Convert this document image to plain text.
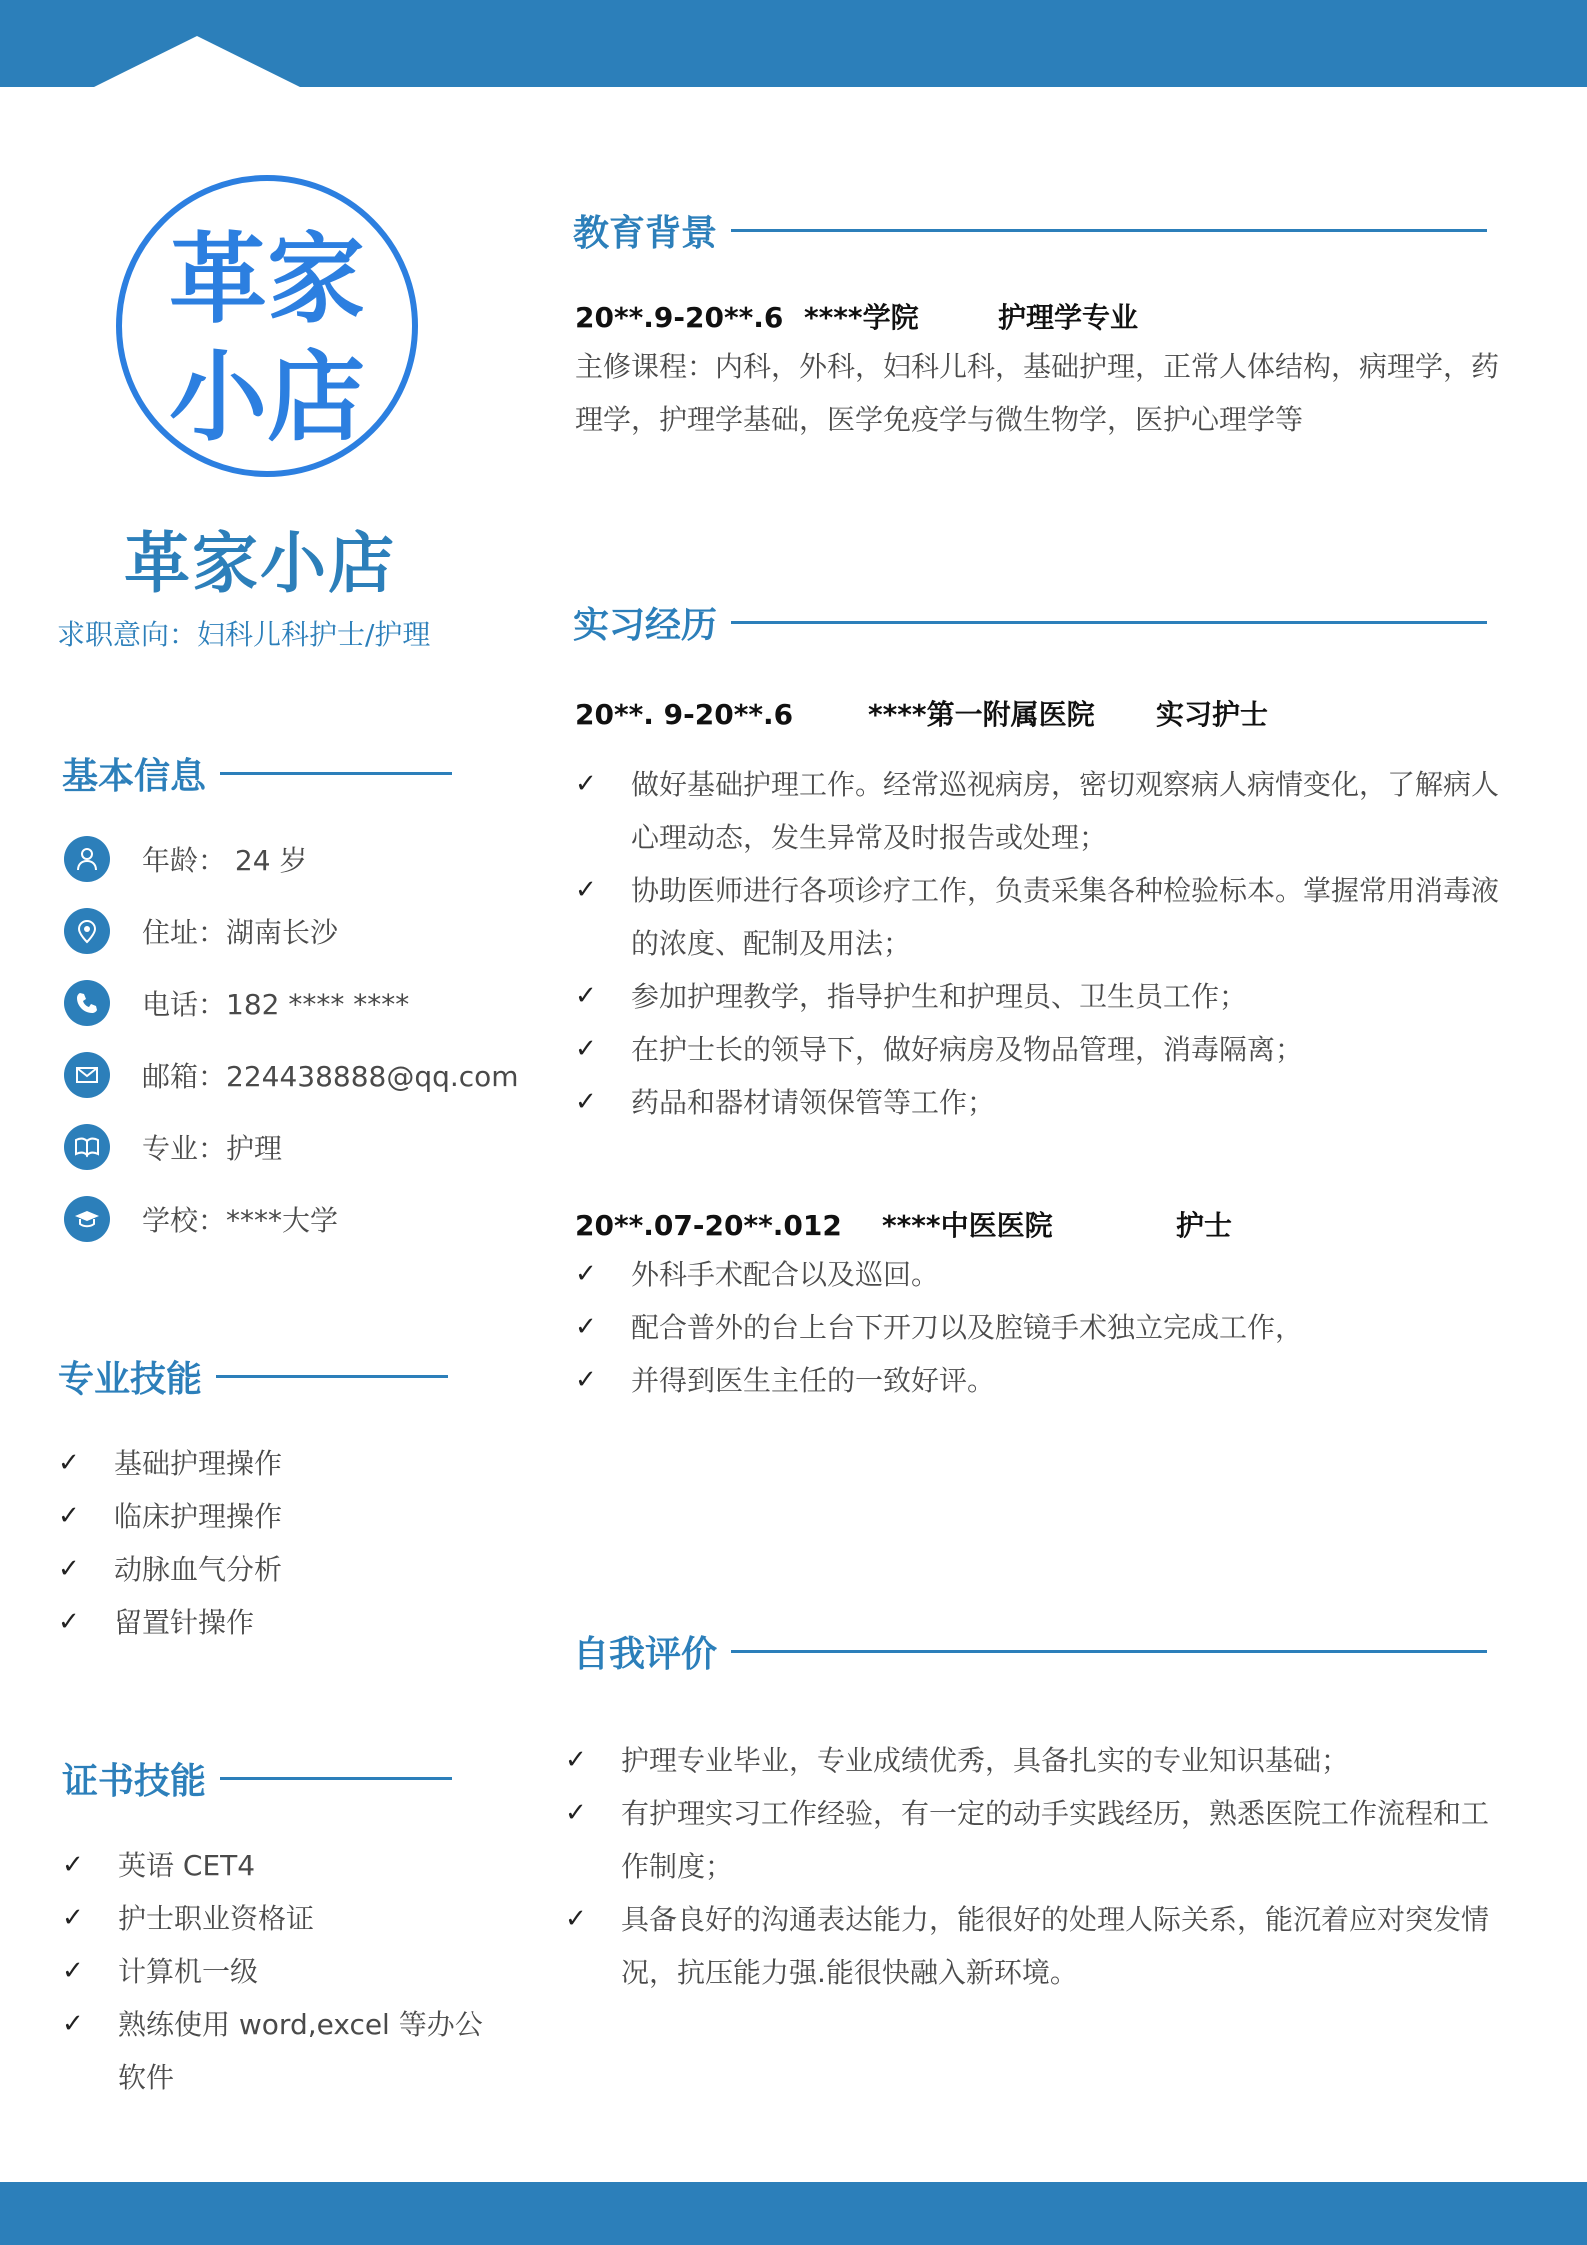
革家
小店
革家小店
求职意向：妇科儿科护士/护理
基本信息
年龄： 24 岁
住址：湖南长沙
电话：182 **** ****
邮箱：224438888@qq.com
专业：护理
学校：****大学
专业技能
✓ 基础护理操作
✓ 临床护理操作
✓ 动脉血气分析
✓ 留置针操作
证书技能
✓ 英语 CET4
✓ 护士职业资格证
✓ 计算机一级
✓ 熟练使用 word,excel 等办公软件
教育背景
20**.9-20**.6 ****学院	护理学专业
主修课程：内科，外科，妇科儿科，基础护理，正常人体结构，病理学，药理学，护理学基础，医学免疫学与微生物学，医护心理学等
实习经历
20**. 9-20**.6	****第一附属医院 实习护士
✓ 做好基础护理工作。经常巡视病房，密切观察病人病情变化，了解病人心理动态，发生异常及时报告或处理；
✓ 协助医师进行各项诊疗工作，负责采集各种检验标本。掌握常用消毒液的浓度、配制及用法；
✓ 参加护理教学，指导护生和护理员、卫生员工作；
✓ 在护士长的领导下，做好病房及物品管理，消毒隔离；
✓ 药品和器材请领保管等工作；
20**.07-20**.012 ****中医医院	护士
✓ 外科手术配合以及巡回。
✓ 配合普外的台上台下开刀以及腔镜手术独立完成工作，
✓ 并得到医生主任的一致好评。
自我评价
✓ 护理专业毕业，专业成绩优秀，具备扎实的专业知识基础；
✓ 有护理实习工作经验，有一定的动手实践经历，熟悉医院工作流程和工作制度；
✓ 具备良好的沟通表达能力，能很好的处理人际关系，能沉着应对突发情况，抗压能力强.能很快融入新环境。
